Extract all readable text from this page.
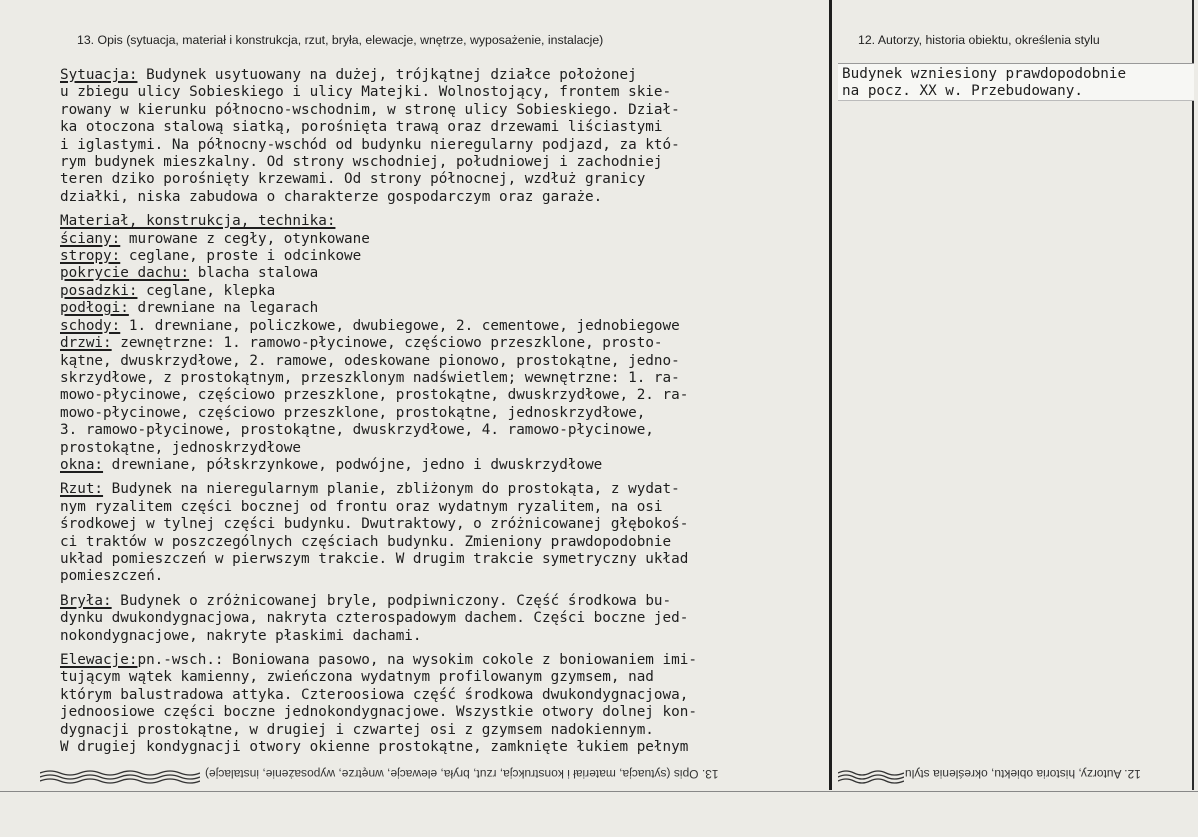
13. Opis (sytuacja, materiał i konstrukcja, rzut, bryła, elewacje, wnętrze, wyposażenie, instalacje)	12. Autorzy, historia obiektu, określenia stylu
Sytuacja: Budynek usytuowany na dużej, trójkątnej działce położonej
u zbiegu ulicy Sobieskiego i ulicy Matejki. Wolnostojący, frontem skie-
rowany w kierunku północno-wschodnim, w stronę ulicy Sobieskiego. Dział-
ka otoczona stalową siatką, porośnięta trawą oraz drzewami liściastymi
i iglastymi. Na północny-wschód od budynku nieregularny podjazd, za któ-
rym budynek mieszkalny. Od strony wschodniej, południowej i zachodniej
teren dziko porośnięty krzewami. Od strony północnej, wzdłuż granicy
działki, niska zabudowa o charakterze gospodarczym oraz garaże.
Materiał, konstrukcja, technika:
ściany: murowane z cegły, otynkowane
stropy: ceglane, proste i odcinkowe
pokrycie dachu: blacha stalowa
posadzki: ceglane, klepka
podłogi: drewniane na legarach
schody: 1. drewniane, policzkowe, dwubiegowe, 2. cementowe, jednobiegowe
drzwi: zewnętrzne: 1. ramowo-płycinowe, częściowo przeszklone, prosto-
kątne, dwuskrzydłowe, 2. ramowe, odeskowane pionowo, prostokątne, jedno-
skrzydłowe, z prostokątnym, przeszklonym nadświetlem; wewnętrzne: 1. ra-
mowo-płycinowe, częściowo przeszklone, prostokątne, dwuskrzydłowe, 2. ra-
mowo-płycinowe, częściowo przeszklone, prostokątne, jednoskrzydłowe,
3. ramowo-płycinowe, prostokątne, dwuskrzydłowe, 4. ramowo-płycinowe,
prostokątne, jednoskrzydłowe
okna: drewniane, półskrzynkowe, podwójne, jedno i dwuskrzydłowe
Rzut: Budynek na nieregularnym planie, zbliżonym do prostokąta, z wydat-
nym ryzalitem części bocznej od frontu oraz wydatnym ryzalitem, na osi
środkowej w tylnej części budynku. Dwutraktowy, o zróżnicowanej głębokoś-
ci traktów w poszczególnych częściach budynku. Zmieniony prawdopodobnie
układ pomieszczeń w pierwszym trakcie. W drugim trakcie symetryczny układ
pomieszczeń.
Bryła: Budynek o zróżnicowanej bryle, podpiwniczony. Część środkowa bu-
dynku dwukondygnacjowa, nakryta czterospadowym dachem. Części boczne jed-
nokondygnacjowe, nakryte płaskimi dachami.
Elewacje:pn.-wsch.: Boniowana pasowo, na wysokim cokole z boniowaniem imi-
tującym wątek kamienny, zwieńczona wydatnym profilowanym gzymsem, nad
którym balustradowa attyka. Czteroosiowa część środkowa dwukondygnacjowa,
jednoosiowe części boczne jednokondygnacjowe. Wszystkie otwory dolnej kon-
dygnacji prostokątne, w drugiej i czwartej osi z gzymsem nadokiennym.
W drugiej kondygnacji otwory okienne prostokątne, zamknięte łukiem pełnym
Budynek wzniesiony prawdopodobnie
na pocz. XX w. Przebudowany.
13. Opis (sytuacja, materiał i konstrukcja, rzut, bryła, elewacje, wnętrze, wyposażenie, instalacje)	12. Autorzy, historia obiektu, określenia stylu
